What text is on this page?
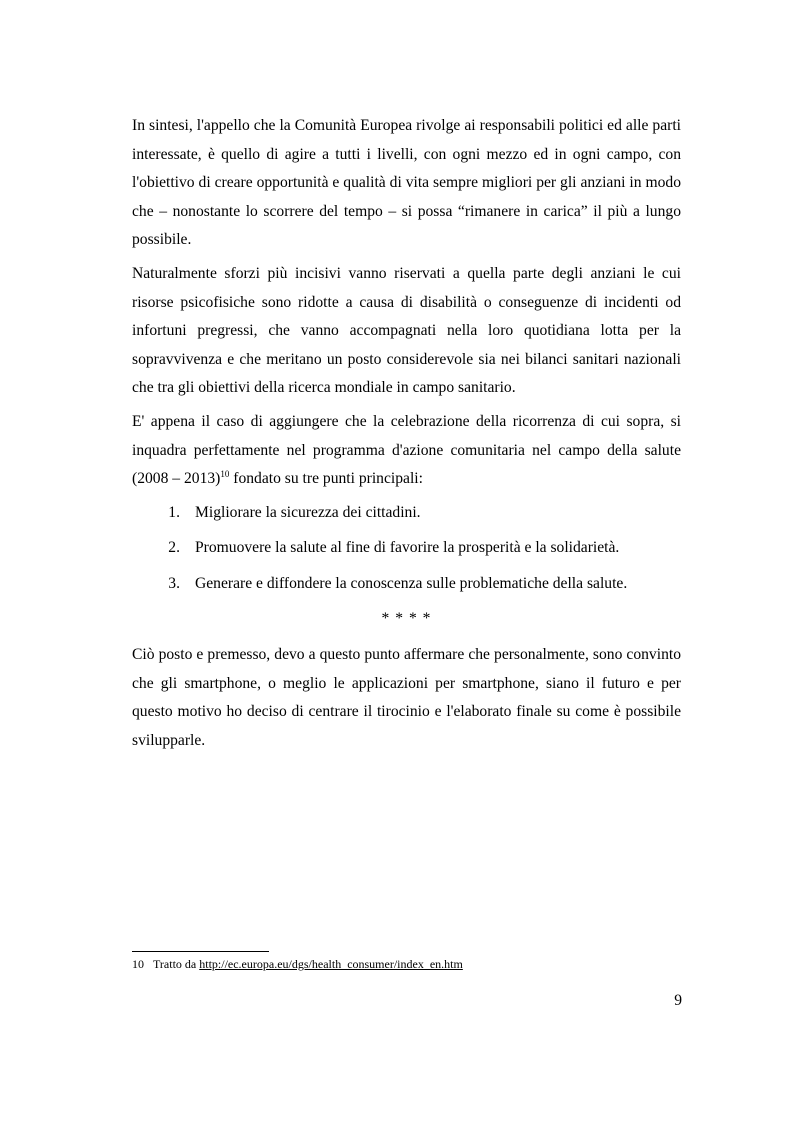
In sintesi, l'appello che la Comunità Europea rivolge ai responsabili politici ed alle parti interessate, è quello di agire a tutti i livelli, con ogni mezzo ed in ogni campo, con l'obiettivo di creare opportunità e qualità di vita sempre migliori per gli anziani in modo che – nonostante lo scorrere del tempo – si possa “rimanere in carica” il più a lungo possibile.

Naturalmente sforzi più incisivi vanno riservati a quella parte degli anziani le cui risorse psicofisiche sono ridotte a causa di disabilità o conseguenze di incidenti od infortuni pregressi, che vanno accompagnati nella loro quotidiana lotta per la sopravvivenza e che meritano un posto considerevole sia nei bilanci sanitari nazionali che tra gli obiettivi della ricerca mondiale in campo sanitario.

E' appena il caso di aggiungere che la celebrazione della ricorrenza di cui sopra, si inquadra perfettamente nel programma d'azione comunitaria nel campo della salute (2008 – 2013)$^{10}$ fondato su tre punti principali:

1. Migliorare la sicurezza dei cittadini.
2. Promuovere la salute al fine di favorire la prosperità e la solidarietà.
3. Generare e diffondere la conoscenza sulle problematiche della salute.

* * * *

Ciò posto e premesso, devo a questo punto affermare che personalmente, sono convinto che gli smartphone, o meglio le applicazioni per smartphone, siano il futuro e per questo motivo ho deciso di centrare il tirocinio e l'elaborato finale su come è possibile svilupparle.

10 Tratto da http://ec.europa.eu/dgs/health_consumer/index_en.htm
9
